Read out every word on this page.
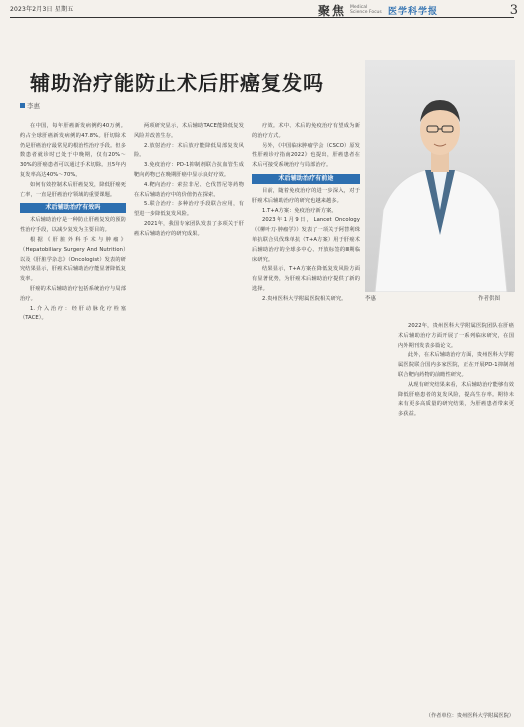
2023年2月3日 星期五	聚焦 Medical Science Focus 医学科学报	3
辅助治疗能防止术后肝癌复发吗
李惠

在中国，每年肝癌新发病例约40万例。约占全球肝癌新发病例的47.8%。肝切除术仍是肝癌治疗最常见的根治性治疗手段。但多数患者就诊时已处于中晚期，仅有20%～30%的肝癌患者可以通过手术切除。且5年内复发率高达40%～70%。

如何有效控制术后肝癌复发，降低肝癌死亡率，一直是肝癌治疗领域的重要课题。

术后辅助治疗有效吗

术后辅助治疗是一种防止肝癌复发的预防性治疗手段，以减少复发为主要目的。

根据《肝脏外科手术与肿瘤》（Hepatobiliary Surgery And Nutrition）以及《肝脏学杂志》（Oncologist）发表的研究结果显示，肝癌术后辅助治疗能显著降低复发率。

肝癌的术后辅助治疗包括系统治疗与局部治疗。

1.介入治疗：经肝动脉化疗栓塞（TACE）。

两项研究显示，术后辅助TACE能降低复发风险并改善生存。

2.放射治疗：术后放疗能降低局部复发风险。

3.免疫治疗：PD-1抑制剂联合抗血管生成靶向药物已在晚期肝癌中显示良好疗效。

4.靶向治疗：索拉非尼、仑伐替尼等药物在术后辅助治疗中的价值仍在探索。

5.联合治疗：多种治疗手段联合应用，有望进一步降低复发风险。

2021年，我国专家团队发表了多项关于肝癌术后辅助治疗的研究成果。

疗效。术中、术后的免疫治疗有望成为新的治疗方式。

另外，《中国临床肿瘤学会（CSCO）原发性肝癌诊疗指南2022》也提出，肝癌患者在术后可接受系统治疗与局部治疗。

术后辅助治疗有前途

目前，随着免疫治疗的进一步深入，对于肝癌术后辅助治疗的研究也越来越多。

1.T+A方案：免疫治疗新方案。

2023年1月9日，Lancet Oncology（《柳叶刀·肿瘤学》）发表了一项关于阿替利珠单抗联合贝伐珠单抗（T+A方案）用于肝癌术后辅助治疗的全球多中心、开放标签的Ⅲ期临床研究。

结果显示，T+A方案在降低复发风险方面有显著优势，为肝癌术后辅助治疗提供了新的选择。

2.贵州医科大学附属医院相关研究。	李惠	作者供图

2022年，贵州医科大学附属医院团队在肝癌术后辅助治疗方面开展了一系列临床研究，在国内外期刊发表多篇论文。

此外，在术后辅助治疗方面，贵州医科大学附属医院联合国内多家医院，正在开展PD-1抑制剂联合靶向药物的前瞻性研究。

从现有研究结果来看，术后辅助治疗能够有效降低肝癌患者的复发风险，提高生存率。期待未来有更多高质量的研究结果，为肝癌患者带来更多获益。

（作者单位：贵州医科大学附属医院）
